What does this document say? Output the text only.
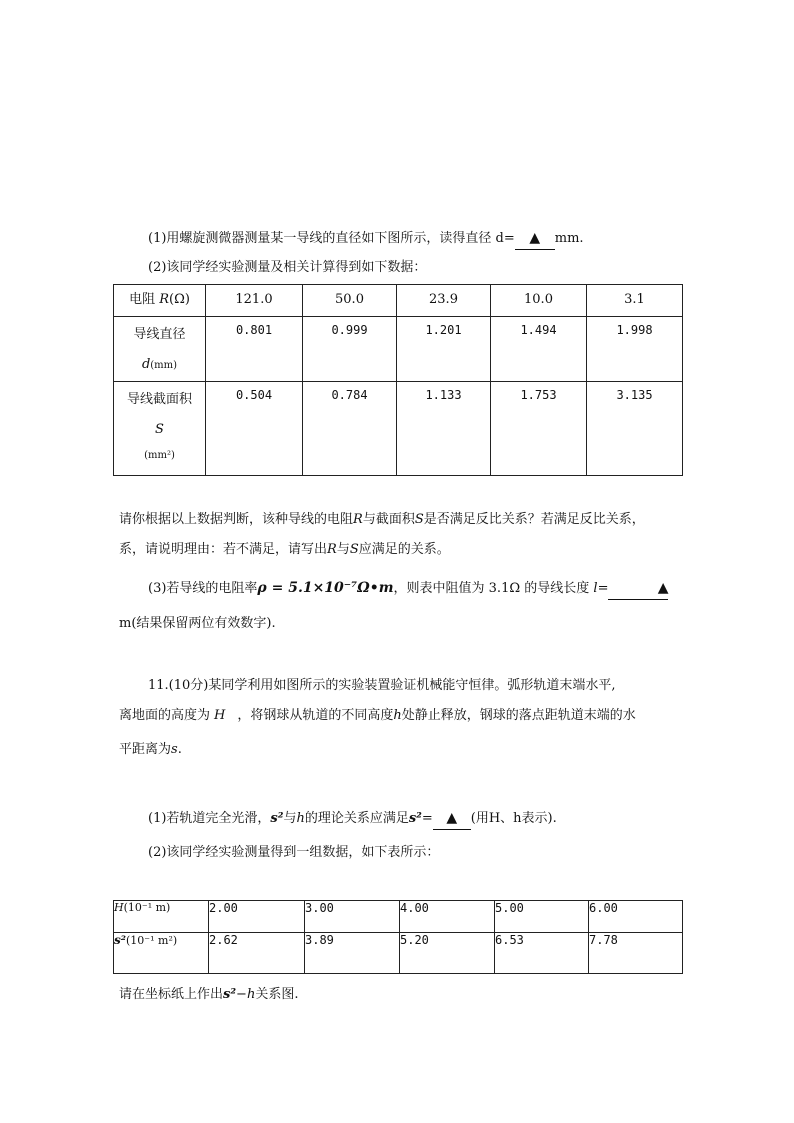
(1)用螺旋测微器测量某一导线的直径如下图所示，读得直径 d= ▲ mm.
(2)该同学经实验测量及相关计算得到如下数据：
电阻 R(Ω)	121.0	50.0	23.9	10.0	3.1

导线直径
d(mm)	0.801	0.999	1.201	1.494	1.998

导线截面积
S
(mm²)	0.504	0.784	1.133	1.753	3.135
请你根据以上数据判断，该种导线的电阻R与截面积S是否满足反比关系？若满足反比关系，
系，请说明理由：若不满足，请写出R与S应满足的关系。
(3)若导线的电阻率ρ = 5.1×10⁻⁷Ω•m，则表中阻值为 3.1Ω 的导线长度 l=	▲
m(结果保留两位有效数字).
11.(10分)某同学利用如图所示的实验装置验证机械能守恒律。弧形轨道末端水平,
离地面的高度为 H ，将钢球从轨道的不同高度h处静止释放，钢球的落点距轨道末端的水
平距离为s.
(1)若轨道完全光滑，s²与h的理论关系应满足s²= ▲ (用H、h表示).
(2)该同学经实验测量得到一组数据，如下表所示：
H(10⁻¹ m)	2.00	3.00	4.00	5.00	6.00
s²(10⁻¹ m²)	2.62	3.89	5.20	6.53	7.78
请在坐标纸上作出s²−h关系图.
